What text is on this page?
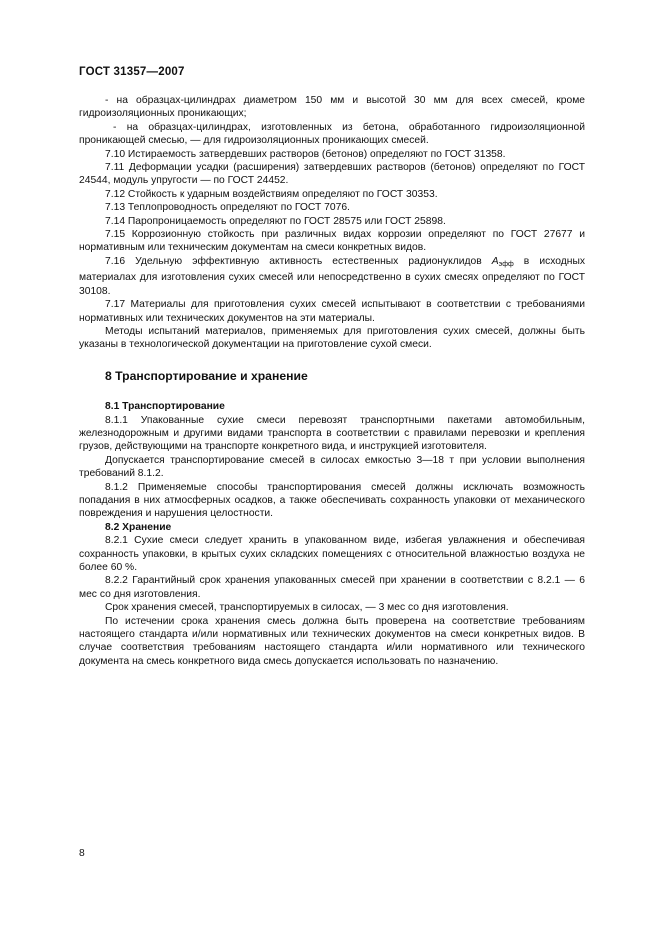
ГОСТ 31357—2007

- на образцах-цилиндрах диаметром 150 мм и высотой 30 мм для всех смесей, кроме гидроизоляционных проникающих;

- на образцах-цилиндрах, изготовленных из бетона, обработанного гидроизоляционной проникающей смесью, — для гидроизоляционных проникающих смесей.

7.10 Истираемость затвердевших растворов (бетонов) определяют по ГОСТ 31358.

7.11 Деформации усадки (расширения) затвердевших растворов (бетонов) определяют по ГОСТ 24544, модуль упругости — по ГОСТ 24452.

7.12 Стойкость к ударным воздействиям определяют по ГОСТ 30353.

7.13 Теплопроводность определяют по ГОСТ 7076.

7.14 Паропроницаемость определяют по ГОСТ 28575 или ГОСТ 25898.

7.15 Коррозионную стойкость при различных видах коррозии определяют по ГОСТ 27677 и нормативным или техническим документам на смеси конкретных видов.

7.16 Удельную эффективную активность естественных радионуклидов $A_{эфф}$ в исходных материалах для изготовления сухих смесей или непосредственно в сухих смесях определяют по ГОСТ 30108.

7.17 Материалы для приготовления сухих смесей испытывают в соответствии с требованиями нормативных или технических документов на эти материалы.

Методы испытаний материалов, применяемых для приготовления сухих смесей, должны быть указаны в технологической документации на приготовление сухой смеси.

8 Транспортирование и хранение
8.1 Транспортирование

8.1.1 Упакованные сухие смеси перевозят транспортными пакетами автомобильным, железнодорожным и другими видами транспорта в соответствии с правилами перевозки и крепления грузов, действующими на транспорте конкретного вида, и инструкцией изготовителя.

Допускается транспортирование смесей в силосах емкостью 3—18 т при условии выполнения требований 8.1.2.

8.1.2 Применяемые способы транспортирования смесей должны исключать возможность попадания в них атмосферных осадков, а также обеспечивать сохранность упаковки от механического повреждения и нарушения целостности.

8.2 Хранение

8.2.1 Сухие смеси следует хранить в упакованном виде, избегая увлажнения и обеспечивая сохранность упаковки, в крытых сухих складских помещениях с относительной влажностью воздуха не более 60 %.

8.2.2 Гарантийный срок хранения упакованных смесей при хранении в соответствии с 8.2.1 — 6 мес со дня изготовления.

Срок хранения смесей, транспортируемых в силосах, — 3 мес со дня изготовления.

По истечении срока хранения смесь должна быть проверена на соответствие требованиям настоящего стандарта и/или нормативных или технических документов на смеси конкретных видов. В случае соответствия требованиям настоящего стандарта и/или нормативного или технического документа на смесь конкретного вида смесь допускается использовать по назначению.

8
